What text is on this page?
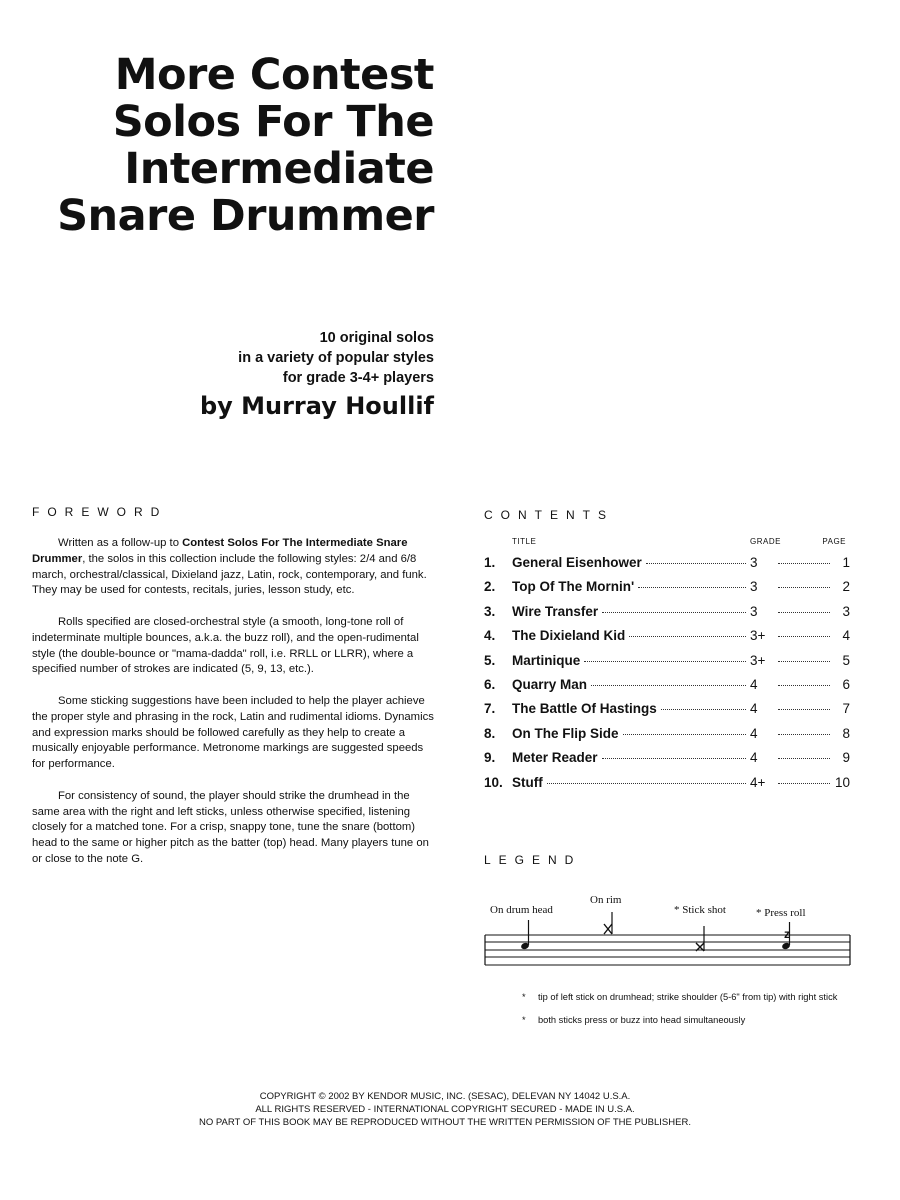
More Contest
Solos For The
Intermediate
Snare Drummer
10 original solos
in a variety of popular styles
for grade 3-4+ players
by Murray Houllif
FOREWORD

Written as a follow-up to Contest Solos For The Intermediate Snare Drummer, the solos in this collection include the following styles: 2/4 and 6/8 march, orchestral/classical, Dixieland jazz, Latin, rock, contemporary, and funk. They may be used for contests, recitals, juries, lesson study, etc.

Rolls specified are closed-orchestral style (a smooth, long-tone roll of indeterminate multiple bounces, a.k.a. the buzz roll), and the open-rudimental style (the double-bounce or "mama-dadda" roll, i.e. RRLL or LLRR), where a specified number of strokes are indicated (5, 9, 13, etc.).

Some sticking suggestions have been included to help the player achieve the proper style and phrasing in the rock, Latin and rudimental idioms. Dynamics and expression marks should be followed carefully as they help to create a musically enjoyable performance. Metronome markings are suggested speeds for performance.

For consistency of sound, the player should strike the drumhead in the same area with the right and left sticks, unless otherwise specified, listening closely for a matched tone. For a crisp, snappy tone, tune the snare (bottom) head to the same or higher pitch as the batter (top) head. Many players tune on or close to the note G.

CONTENTS
TITLE	GRADE	PAGE
1.	General Eisenhower	3	1
2.	Top Of The Mornin'	3	2
3.	Wire Transfer	3	3
4.	The Dixieland Kid	3+	4
5.	Martinique	3+	5
6.	Quarry Man	4	6
7.	The Battle Of Hastings	4	7
8.	On The Flip Side	4	8
9.	Meter Reader	4	9
10. Stuff	4+	10
LEGEND
On drum head
On rim
* Stick shot	* Press roll
z

* tip of left stick on drumhead; strike shoulder (5-6" from tip) with right stick

* both sticks press or buzz into head simultaneously

COPYRIGHT © 2002 BY KENDOR MUSIC, INC. (SESAC), DELEVAN NY 14042 U.S.A.
ALL RIGHTS RESERVED - INTERNATIONAL COPYRIGHT SECURED - MADE IN U.S.A.
NO PART OF THIS BOOK MAY BE REPRODUCED WITHOUT THE WRITTEN PERMISSION OF THE PUBLISHER.
